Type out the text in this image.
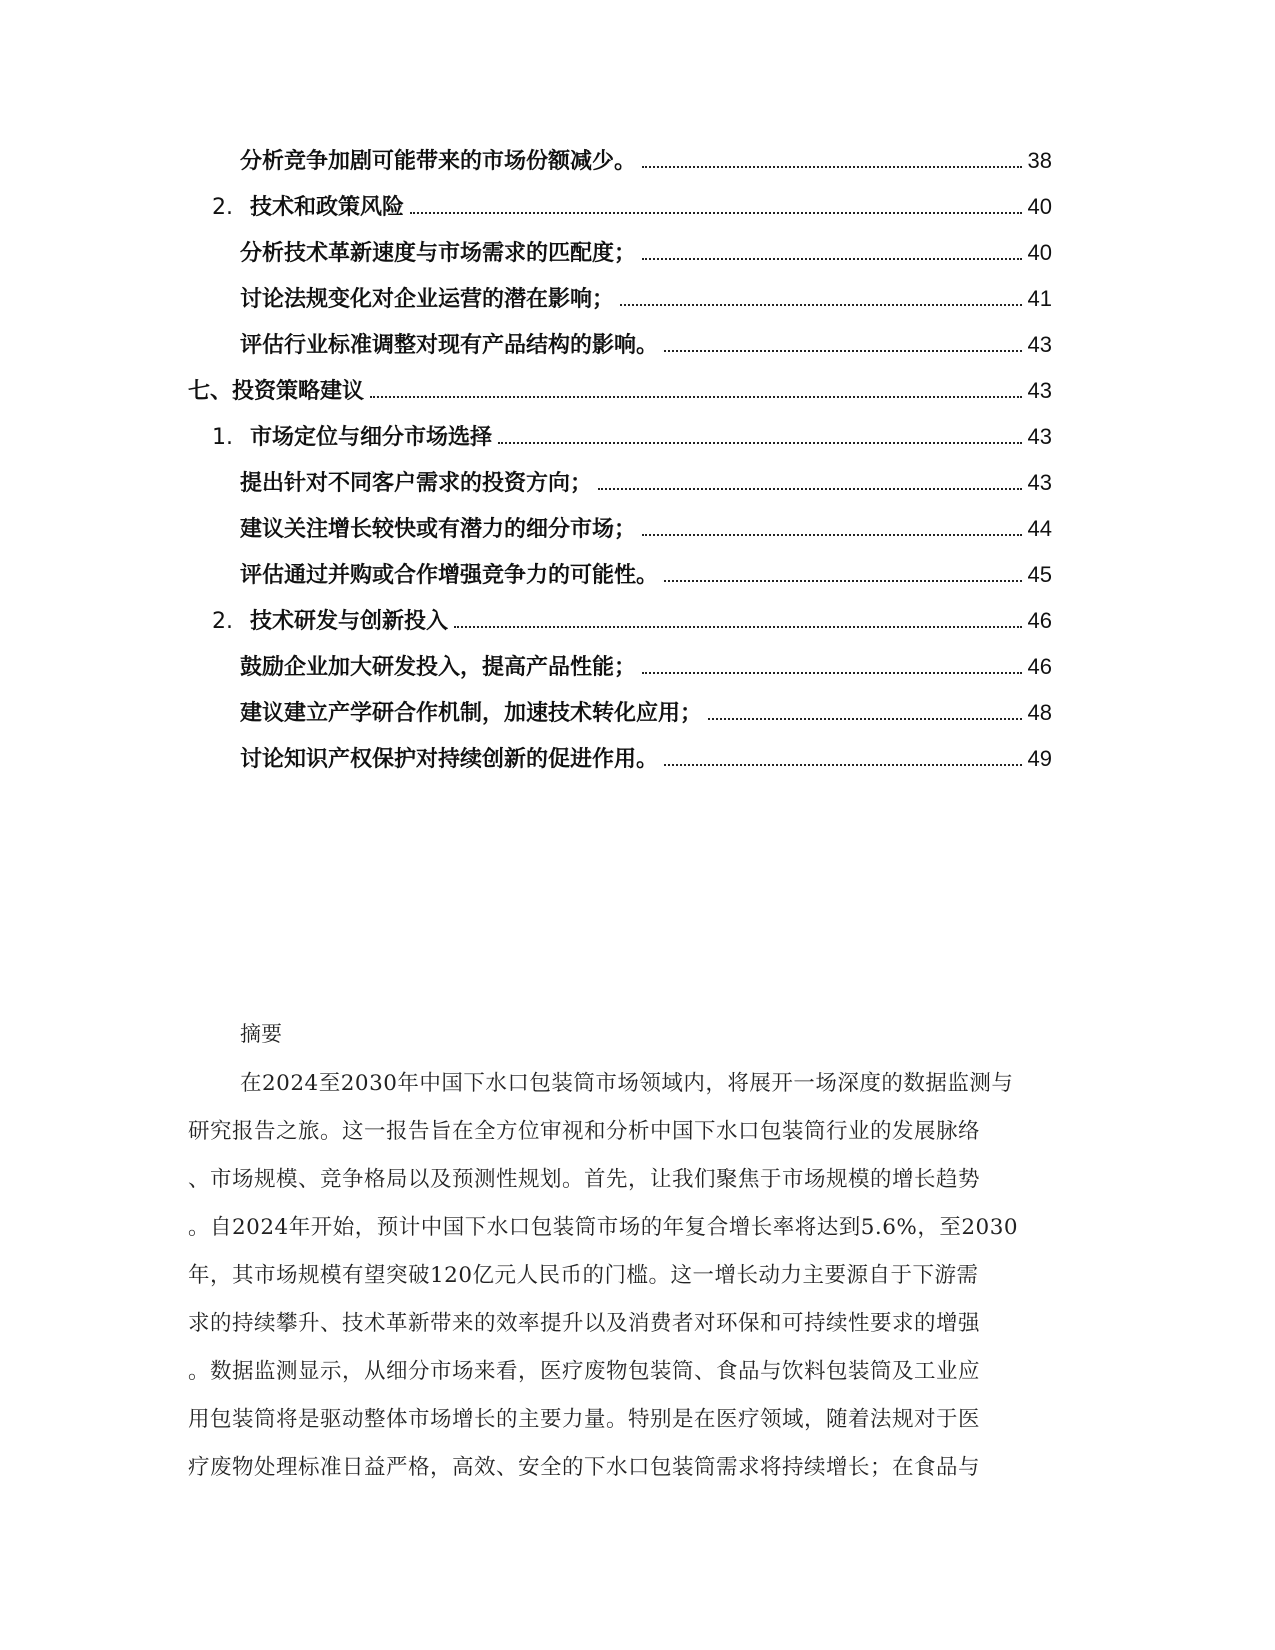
分析竞争加剧可能带来的市场份额减少。	38
2. 技术和政策风险	40
分析技术革新速度与市场需求的匹配度；	40
讨论法规变化对企业运营的潜在影响；	41
评估行业标准调整对现有产品结构的影响。	43
七、投资策略建议	43
1. 市场定位与细分市场选择	43
提出针对不同客户需求的投资方向；	43
建议关注增长较快或有潜力的细分市场；	44
评估通过并购或合作增强竞争力的可能性。	45
2. 技术研发与创新投入	46
鼓励企业加大研发投入，提高产品性能；	46
建议建立产学研合作机制，加速技术转化应用；	48
讨论知识产权保护对持续创新的促进作用。	49
摘要
在2024至2030年中国下水口包装筒市场领域内，将展开一场深度的数据监测与
研究报告之旅。这一报告旨在全方位审视和分析中国下水口包装筒行业的发展脉络
、市场规模、竞争格局以及预测性规划。首先，让我们聚焦于市场规模的增长趋势
。自2024年开始，预计中国下水口包装筒市场的年复合增长率将达到5.6%，至2030
年，其市场规模有望突破120亿元人民币的门槛。这一增长动力主要源自于下游需
求的持续攀升、技术革新带来的效率提升以及消费者对环保和可持续性要求的增强
。数据监测显示，从细分市场来看，医疗废物包装筒、食品与饮料包装筒及工业应
用包装筒将是驱动整体市场增长的主要力量。特别是在医疗领域，随着法规对于医
疗废物处理标准日益严格，高效、安全的下水口包装筒需求将持续增长；在食品与
